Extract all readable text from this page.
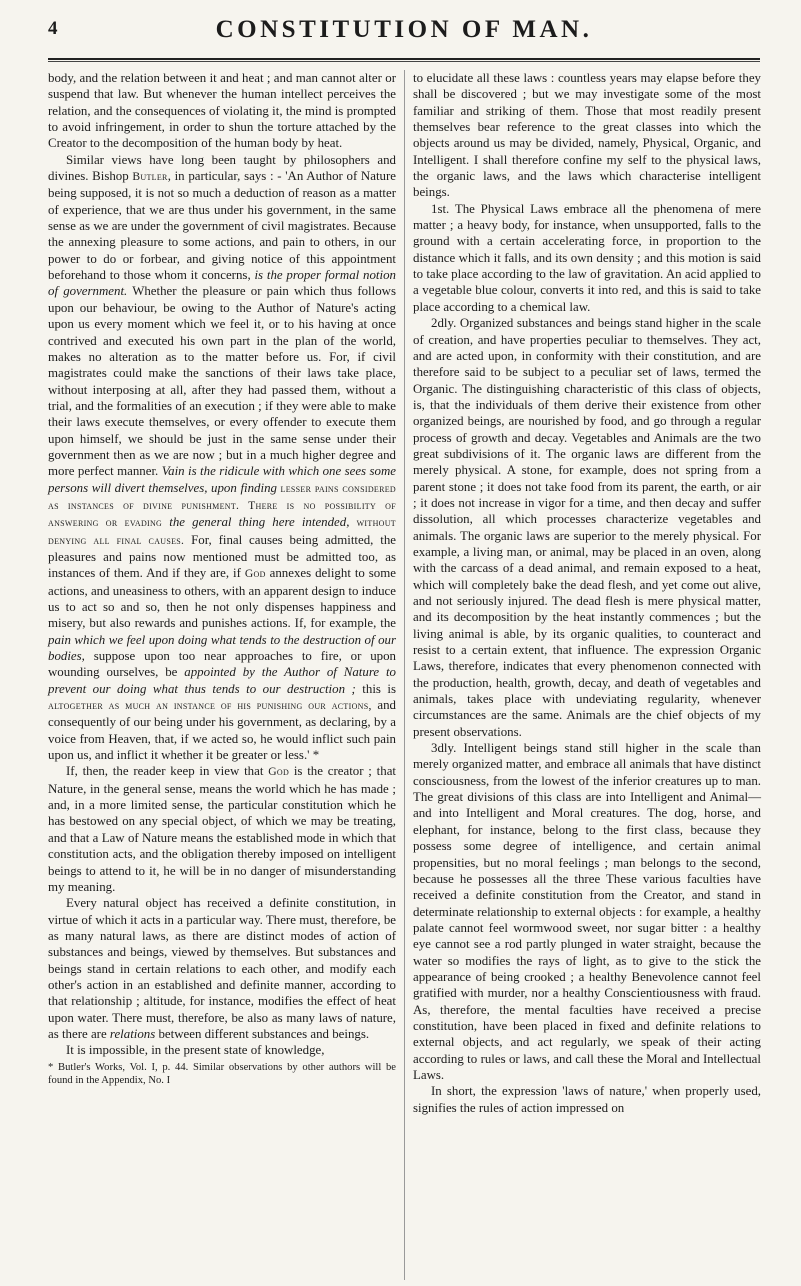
4	CONSTITUTION OF MAN.

body, and the relation between it and heat ; and man cannot alter or suspend that law. But whenever the human intellect perceives the relation, and the consequences of violating it, the mind is prompted to avoid infringement, in order to shun the torture attached by the Creator to the decomposition of the human body by heat.

Similar views have long been taught by philosophers and divines. Bishop Butler, in particular, says : - 'An Author of Nature being supposed, it is not so much a deduction of reason as a matter of experience, that we are thus under his government, in the same sense as we are under the government of civil magistrates. Because the annexing pleasure to some actions, and pain to others, in our power to do or forbear, and giving notice of this appointment beforehand to those whom it concerns, is the proper formal notion of government. Whether the pleasure or pain which thus follows upon our behaviour, be owing to the Author of Nature's acting upon us every moment which we feel it, or to his having at once contrived and executed his own part in the plan of the world, makes no alteration as to the matter before us. For, if civil magistrates could make the sanctions of their laws take place, without interposing at all, after they had passed them, without a trial, and the formalities of an execution ; if they were able to make their laws execute themselves, or every offender to execute them upon himself, we should be just in the same sense under their government then as we are now ; but in a much higher degree and more perfect manner. Vain is the ridicule with which one sees some persons will divert themselves, upon finding lesser pains considered as instances of divine punishment. There is no possibility of answering or evading the general thing here intended, without denying all final causes. For, final causes being admitted, the pleasures and pains now mentioned must be admitted too, as instances of them. And if they are, if God annexes delight to some actions, and uneasiness to others, with an apparent design to induce us to act so and so, then he not only dispenses happiness and misery, but also rewards and punishes actions. If, for example, the pain which we feel upon doing what tends to the destruction of our bodies, suppose upon too near approaches to fire, or upon wounding ourselves, be appointed by the Author of Nature to prevent our doing what thus tends to our destruction ; this is altogether as much an instance of his punishing our actions, and consequently of our being under his government, as declaring, by a voice from Heaven, that, if we acted so, he would inflict such pain upon us, and inflict it whether it be greater or less.' *

If, then, the reader keep in view that God is the creator ; that Nature, in the general sense, means the world which he has made ; and, in a more limited sense, the particular constitution which he has bestowed on any special object, of which we may be treating, and that a Law of Nature means the established mode in which that constitution acts, and the obligation thereby imposed on intelligent beings to attend to it, he will be in no danger of misunderstanding my meaning.

Every natural object has received a definite constitution, in virtue of which it acts in a particular way. There must, therefore, be as many natural laws, as there are distinct modes of action of substances and beings, viewed by themselves. But substances and beings stand in certain relations to each other, and modify each other's action in an established and definite manner, according to that relationship ; altitude, for instance, modifies the effect of heat upon water. There must, therefore, be also as many laws of nature, as there are relations between different substances and beings.

It is impossible, in the present state of knowledge,

* Butler's Works, Vol. I, p. 44. Similar observations by other authors will be found in the Appendix, No. I

to elucidate all these laws : countless years may elapse before they shall be discovered ; but we may investigate some of the most familiar and striking of them. Those that most readily present themselves bear reference to the great classes into which the objects around us may be divided, namely, Physical, Organic, and Intelligent. I shall therefore confine my self to the physical laws, the organic laws, and the laws which characterise intelligent beings.

1st. The Physical Laws embrace all the phenomena of mere matter ; a heavy body, for instance, when unsupported, falls to the ground with a certain accelerating force, in proportion to the distance which it falls, and its own density ; and this motion is said to take place according to the law of gravitation. An acid applied to a vegetable blue colour, converts it into red, and this is said to take place according to a chemical law.

2dly. Organized substances and beings stand higher in the scale of creation, and have properties peculiar to themselves. They act, and are acted upon, in conformity with their constitution, and are therefore said to be subject to a peculiar set of laws, termed the Organic. The distinguishing characteristic of this class of objects, is, that the individuals of them derive their existence from other organized beings, are nourished by food, and go through a regular process of growth and decay. Vegetables and Animals are the two great subdivisions of it. The organic laws are different from the merely physical. A stone, for example, does not spring from a parent stone ; it does not take food from its parent, the earth, or air ; it does not increase in vigor for a time, and then decay and suffer dissolution, all which processes characterize vegetables and animals. The organic laws are superior to the merely physical. For example, a living man, or animal, may be placed in an oven, along with the carcass of a dead animal, and remain exposed to a heat, which will completely bake the dead flesh, and yet come out alive, and not seriously injured. The dead flesh is mere physical matter, and its decomposition by the heat instantly commences ; but the living animal is able, by its organic qualities, to counteract and resist to a certain extent, that influence. The expression Organic Laws, therefore, indicates that every phenomenon connected with the production, health, growth, decay, and death of vegetables and animals, takes place with undeviating regularity, whenever circumstances are the same. Animals are the chief objects of my present observations.

3dly. Intelligent beings stand still higher in the scale than merely organized matter, and embrace all animals that have distinct consciousness, from the lowest of the inferior creatures up to man. The great divisions of this class are into Intelligent and Animal—and into Intelligent and Moral creatures. The dog, horse, and elephant, for instance, belong to the first class, because they possess some degree of intelligence, and certain animal propensities, but no moral feelings ; man belongs to the second, because he possesses all the three These various faculties have received a definite constitution from the Creator, and stand in determinate relationship to external objects : for example, a healthy palate cannot feel wormwood sweet, nor sugar bitter : a healthy eye cannot see a rod partly plunged in water straight, because the water so modifies the rays of light, as to give to the stick the appearance of being crooked ; a healthy Benevolence cannot feel gratified with murder, nor a healthy Conscientiousness with fraud. As, therefore, the mental faculties have received a precise constitution, have been placed in fixed and definite relations to external objects, and act regularly, we speak of their acting according to rules or laws, and call these the Moral and Intellectual Laws.

In short, the expression 'laws of nature,' when properly used, signifies the rules of action impressed on
